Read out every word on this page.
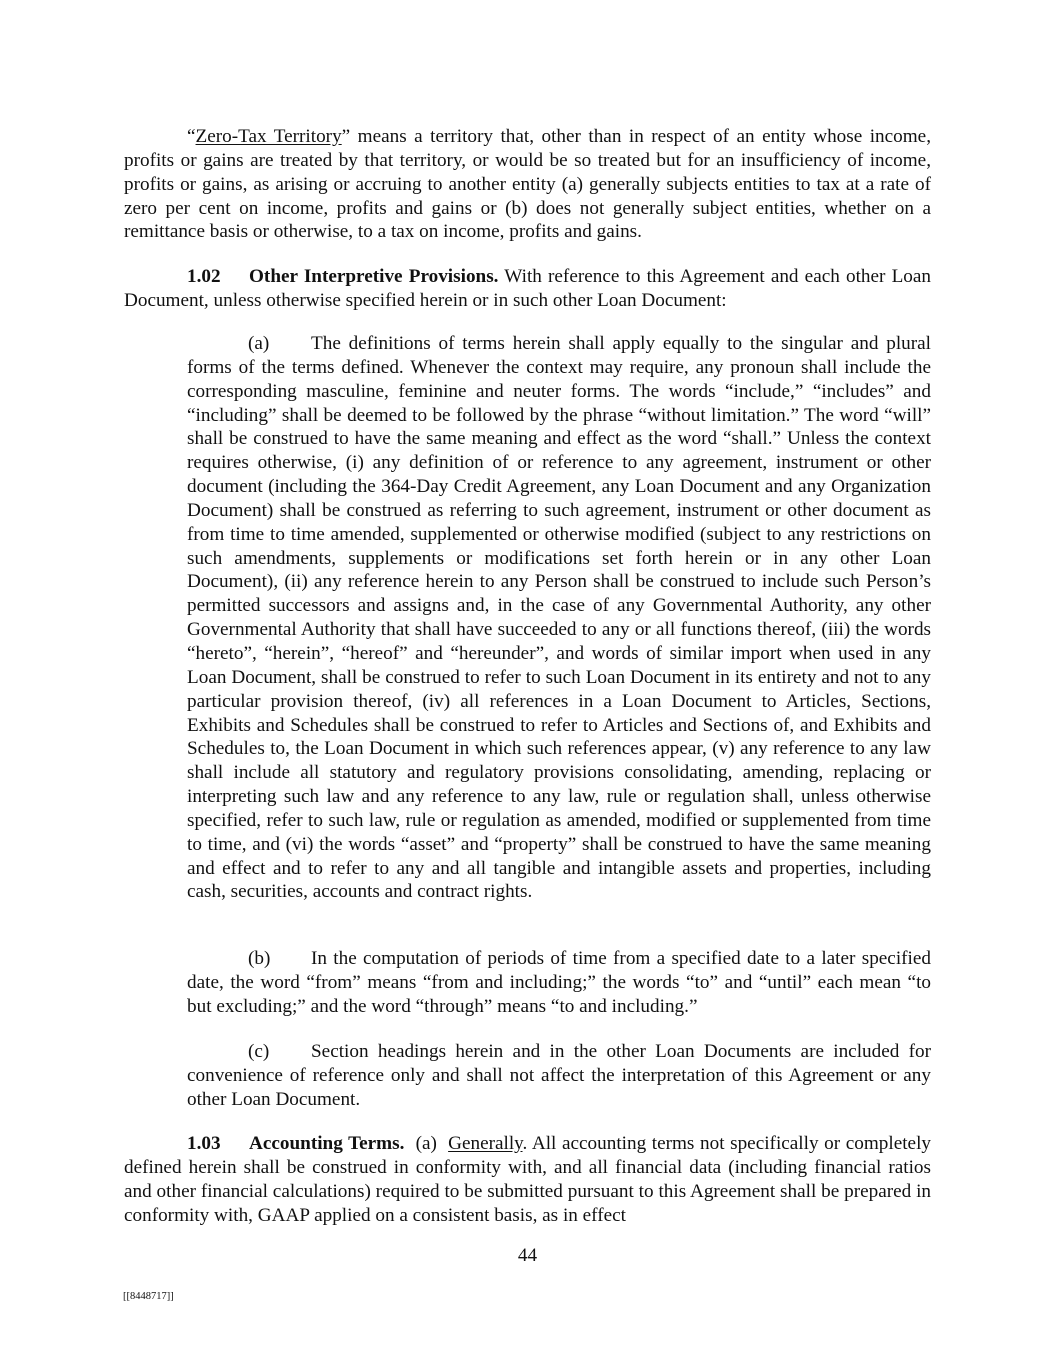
“Zero-Tax Territory” means a territory that, other than in respect of an entity whose income, profits or gains are treated by that territory, or would be so treated but for an insufficiency of income, profits or gains, as arising or accruing to another entity (a) generally subjects entities to tax at a rate of zero per cent on income, profits and gains or (b) does not generally subject entities, whether on a remittance basis or otherwise, to a tax on income, profits and gains.

1.02 Other Interpretive Provisions. With reference to this Agreement and each other Loan Document, unless otherwise specified herein or in such other Loan Document:

(a) The definitions of terms herein shall apply equally to the singular and plural forms of the terms defined. Whenever the context may require, any pronoun shall include the corresponding masculine, feminine and neuter forms. The words “include,” “includes” and “including” shall be deemed to be followed by the phrase “without limitation.” The word “will” shall be construed to have the same meaning and effect as the word “shall.” Unless the context requires otherwise, (i) any definition of or reference to any agreement, instrument or other document (including the 364-Day Credit Agreement, any Loan Document and any Organization Document) shall be construed as referring to such agreement, instrument or other document as from time to time amended, supplemented or otherwise modified (subject to any restrictions on such amendments, supplements or modifications set forth herein or in any other Loan Document), (ii) any reference herein to any Person shall be construed to include such Person’s permitted successors and assigns and, in the case of any Governmental Authority, any other Governmental Authority that shall have succeeded to any or all functions thereof, (iii) the words “hereto”, “herein”, “hereof” and “hereunder”, and words of similar import when used in any Loan Document, shall be construed to refer to such Loan Document in its entirety and not to any particular provision thereof, (iv) all references in a Loan Document to Articles, Sections, Exhibits and Schedules shall be construed to refer to Articles and Sections of, and Exhibits and Schedules to, the Loan Document in which such references appear, (v) any reference to any law shall include all statutory and regulatory provisions consolidating, amending, replacing or interpreting such law and any reference to any law, rule or regulation shall, unless otherwise specified, refer to such law, rule or regulation as amended, modified or supplemented from time to time, and (vi) the words “asset” and “property” shall be construed to have the same meaning and effect and to refer to any and all tangible and intangible assets and properties, including cash, securities, accounts and contract rights.

(b) In the computation of periods of time from a specified date to a later specified date, the word “from” means “from and including;” the words “to” and “until” each mean “to but excluding;” and the word “through” means “to and including.”

(c) Section headings herein and in the other Loan Documents are included for convenience of reference only and shall not affect the interpretation of this Agreement or any other Loan Document.

1.03 Accounting Terms.  (a)  Generally. All accounting terms not specifically or completely defined herein shall be construed in conformity with, and all financial data (including financial ratios and other financial calculations) required to be submitted pursuant to this Agreement shall be prepared in conformity with, GAAP applied on a consistent basis, as in effect

44
[[8448717]]
